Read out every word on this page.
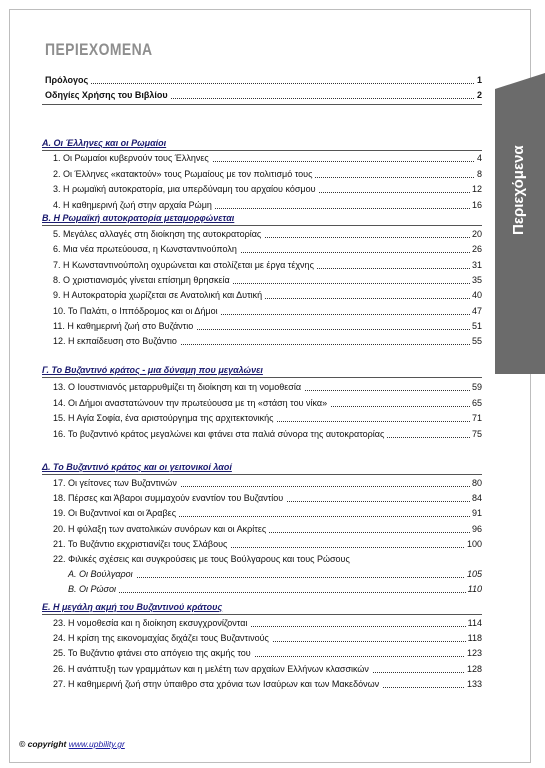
ΠΕΡΙΕΧΟΜΕΝΑ
Περιεχόμενα
Πρόλογος	1
Οδηγίες Χρήσης του Βιβλίου	2
Α. Οι Έλληνες και οι Ρωμαίοι
1. Οι Ρωμαίοι κυβερνούν τους Έλληνες	4
2. Οι Έλληνες «κατακτούν» τους Ρωμαίους με τον πολιτισμό τους	8
3. Η ρωμαϊκή αυτοκρατορία, μια υπερδύναμη του αρχαίου κόσμου	12
4. Η καθημερινή ζωή στην αρχαία Ρώμη	16
Β. Η Ρωμαϊκή αυτοκρατορία μεταμορφώνεται
5. Μεγάλες αλλαγές στη διοίκηση της αυτοκρατορίας	20
6. Μια νέα πρωτεύουσα, η Κωνσταντινούπολη	26
7. Η Κωνσταντινούπολη οχυρώνεται και στολίζεται με έργα τέχνης	31
8. Ο χριστιανισμός γίνεται επίσημη θρησκεία	35
9. Η Αυτοκρατορία χωρίζεται σε Ανατολική και Δυτική	40
10. Το Παλάτι, ο Ιππόδρομος και οι Δήμοι	47
11. Η καθημερινή ζωή στο Βυζάντιο	51
12. Η εκπαίδευση στο Βυζάντιο	55
Γ. Το Βυζαντινό κράτος - μια δύναμη που μεγαλώνει
13. Ο Ιουστινιανός μεταρρυθμίζει τη διοίκηση και τη νομοθεσία	59
14. Οι Δήμοι αναστατώνουν την πρωτεύουσα με τη «στάση του νίκα»	65
15. Η Αγία Σοφία, ένα αριστούργημα της αρχιτεκτονικής	71
16. Το βυζαντινό κράτος μεγαλώνει και φτάνει στα παλιά σύνορα της αυτοκρατορίας	75
Δ. Το Βυζαντινό κράτος και οι γειτονικοί λαοί
17. Οι γείτονες των Βυζαντινών	80
18. Πέρσες και Άβαροι συμμαχούν εναντίον του Βυζαντίου	84
19. Οι Βυζαντινοί και οι Άραβες	91
20. Η φύλαξη των ανατολικών συνόρων και οι Ακρίτες	96
21. Το Βυζάντιο εκχριστιανίζει τους Σλάβους	100
22. Φιλικές σχέσεις και συγκρούσεις με τους Βούλγαρους και τους Ρώσους
Α. Οι Βούλγαροι	105
Β. Οι Ρώσοι	110
Ε. Η μεγάλη ακμή του Βυζαντινού κράτους
23. Η νομοθεσία και η διοίκηση εκσυγχρονίζονται	114
24. Η κρίση της εικονομαχίας διχάζει τους Βυζαντινούς	118
25. Το Βυζάντιο φτάνει στο απόγειο της ακμής του	123
26. Η ανάπτυξη των γραμμάτων και η μελέτη των αρχαίων Ελλήνων κλασσικών	128
27. Η καθημερινή ζωή στην ύπαιθρο στα χρόνια των Ισαύρων και των Μακεδόνων	133
© copyright www.upbility.gr
